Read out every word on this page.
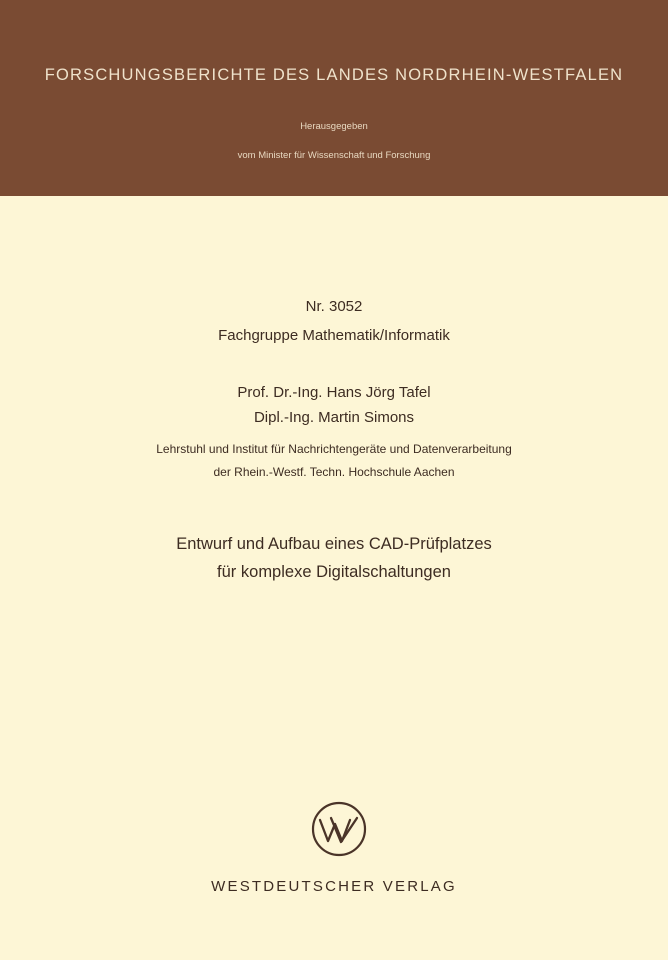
FORSCHUNGSBERICHTE DES LANDES NORDRHEIN-WESTFALEN
Herausgegeben
vom Minister für Wissenschaft und Forschung
Nr. 3052
Fachgruppe Mathematik/Informatik
Prof. Dr.-Ing. Hans Jörg Tafel
Dipl.-Ing. Martin Simons
Lehrstuhl und Institut für Nachrichtengeräte und Datenverarbeitung
der Rhein.-Westf. Techn. Hochschule Aachen
Entwurf und Aufbau eines CAD-Prüfplatzes
für komplexe Digitalschaltungen
WESTDEUTSCHER VERLAG
